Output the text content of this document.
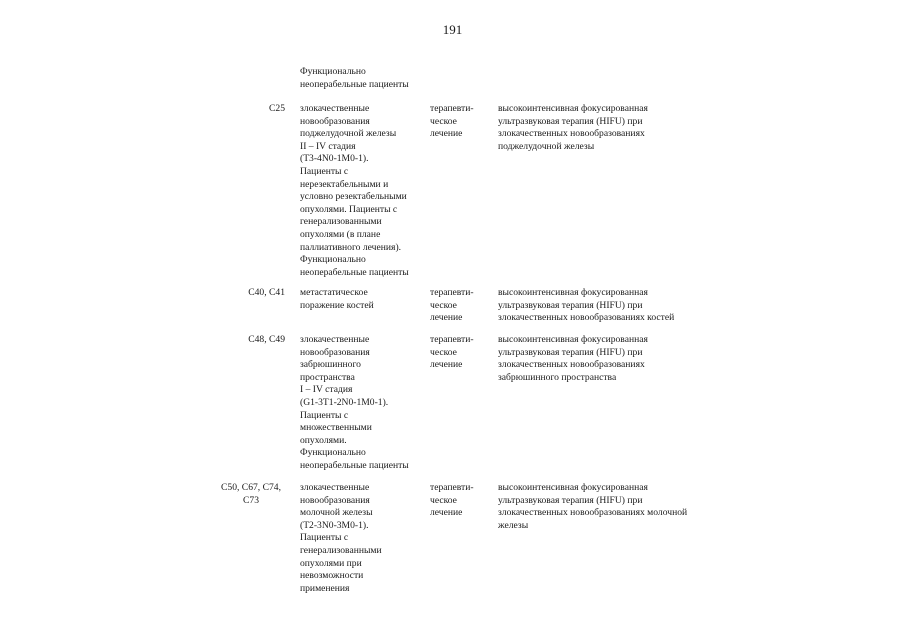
191
Функционально
неоперабельные пациенты
C25 злокачественные
новообразования
поджелудочной железы
II – IV стадия
(T3-4N0-1M0-1).
Пациенты с
нерезектабельными и
условно резектабельными
опухолями. Пациенты с
генерализованными
опухолями (в плане
паллиативного лечения).
Функционально
неоперабельные пациенты
терапевти-
ческое
лечение
высокоинтенсивная фокусированная
ультразвуковая терапия (HIFU) при
злокачественных новообразованиях
поджелудочной железы
C40, C41 метастатическое
поражение костей
терапевти-
ческое
лечение
высокоинтенсивная фокусированная
ультразвуковая терапия (HIFU) при
злокачественных новообразованиях костей
C48, C49 злокачественные
новообразования
забрюшинного
пространства
I – IV стадия
(G1-3T1-2N0-1M0-1).
Пациенты с
множественными
опухолями.
Функционально
неоперабельные пациенты
терапевти-
ческое
лечение
высокоинтенсивная фокусированная
ультразвуковая терапия (HIFU) при
злокачественных новообразованиях
забрюшинного пространства
C50, C67, C74,
C73
злокачественные
новообразования
молочной железы
(T2-3N0-3M0-1).
Пациенты с
генерализованными
опухолями при
невозможности
применения
терапевти-
ческое
лечение
высокоинтенсивная фокусированная
ультразвуковая терапия (HIFU) при
злокачественных новообразованиях молочной
железы
